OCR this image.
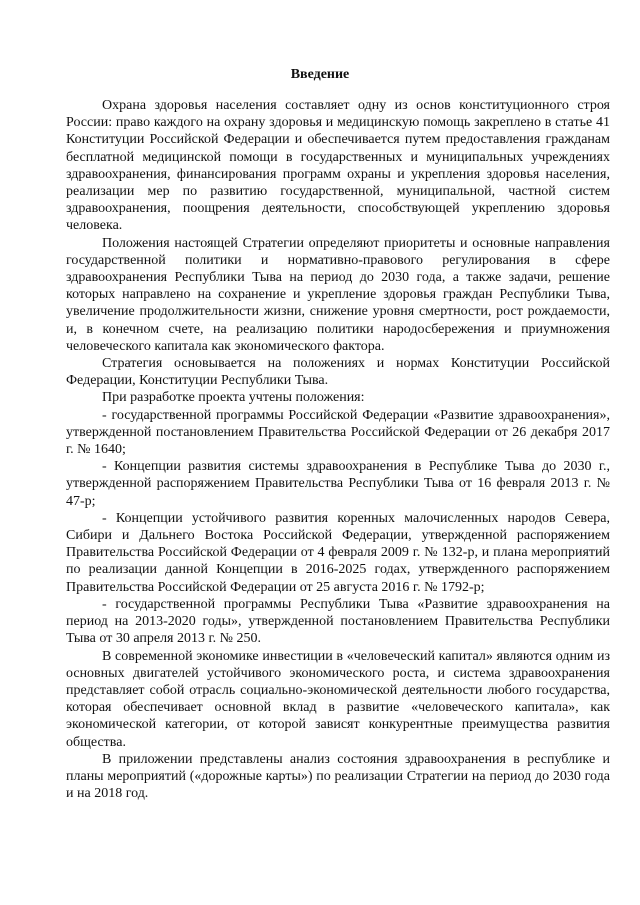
Введение

Охрана здоровья населения составляет одну из основ конституционного строя России: право каждого на охрану здоровья и медицинскую помощь закреплено в статье 41 Конституции Российской Федерации и обеспечивается путем предоставления гражданам бесплатной медицинской помощи в государственных и муниципальных учреждениях здравоохранения, финансирования программ охраны и укрепления здоровья населения, реализации мер по развитию государственной, муниципальной, частной систем здравоохранения, поощрения деятельности, способствующей укреплению здоровья человека.

Положения настоящей Стратегии определяют приоритеты и основные направления государственной политики и нормативно-правового регулирования в сфере здравоохранения Республики Тыва на период до 2030 года, а также задачи, решение которых направлено на сохранение и укрепление здоровья граждан Республики Тыва, увеличение продолжительности жизни, снижение уровня смертности, рост рождаемости, и, в конечном счете, на реализацию политики народосбережения и приумножения человеческого капитала как экономического фактора.

Стратегия основывается на положениях и нормах Конституции Российской Федерации, Конституции Республики Тыва.

При разработке проекта учтены положения:

- государственной программы Российской Федерации «Развитие здравоохранения», утвержденной постановлением Правительства Российской Федерации от 26 декабря 2017 г. № 1640;

- Концепции развития системы здравоохранения в Республике Тыва до 2030 г., утвержденной распоряжением Правительства Республики Тыва от 16 февраля 2013 г. № 47-р;

- Концепции устойчивого развития коренных малочисленных народов Севера, Сибири и Дальнего Востока Российской Федерации, утвержденной распоряжением Правительства Российской Федерации от 4 февраля 2009 г. № 132-р, и плана мероприятий по реализации данной Концепции в 2016-2025 годах, утвержденного распоряжением Правительства Российской Федерации от 25 августа 2016 г. № 1792-р;

- государственной программы Республики Тыва «Развитие здравоохранения на период на 2013-2020 годы», утвержденной постановлением Правительства Республики Тыва от 30 апреля 2013 г. № 250.

В современной экономике инвестиции в «человеческий капитал» являются одним из основных двигателей устойчивого экономического роста, и система здравоохранения представляет собой отрасль социально-экономической деятельности любого государства, которая обеспечивает основной вклад в развитие «человеческого капитала», как экономической категории, от которой зависят конкурентные преимущества развития общества.

В приложении представлены анализ состояния здравоохранения в республике и планы мероприятий («дорожные карты») по реализации Стратегии на период до 2030 года и на 2018 год.
